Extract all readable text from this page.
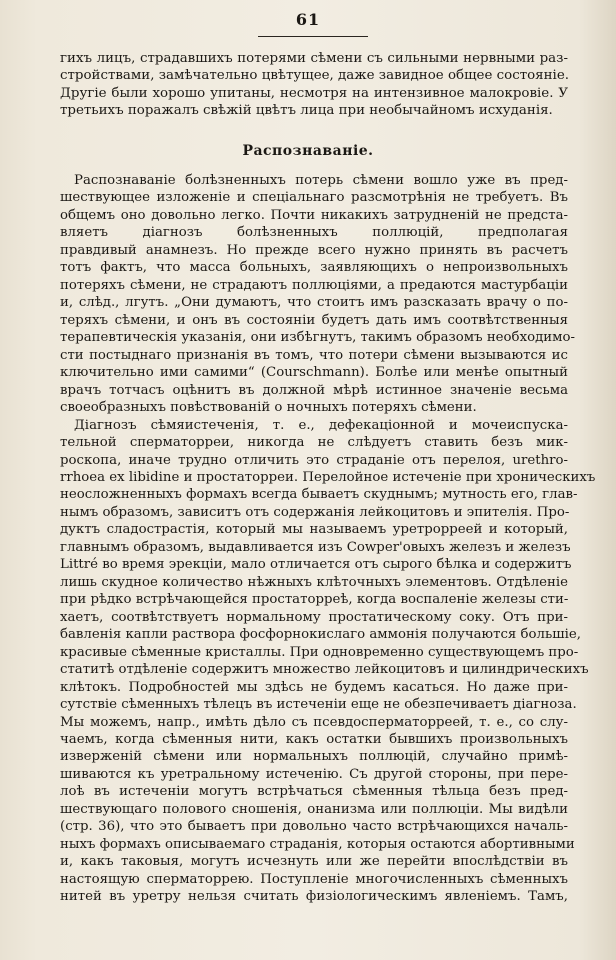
61
гихъ лицъ, страдавшихъ потерями сѣмени съ сильными нервными раз-
стройствами, замѣчательно цвѣтущее, даже завидное общее состояніе.
Другіе были хорошо упитаны, несмотря на интензивное малокровіе. У
третьихъ поражалъ свѣжій цвѣтъ лица при необычайномъ исхуданія.
Распознаваніе.
Распознаваніе болѣзненныхъ потерь сѣмени вошло уже въ пред-
шествующее изложеніе и спеціальнаго разсмотрѣнія не требуетъ. Въ
общемъ оно довольно легко. Почти никакихъ затрудненій не предста-
вляетъ діагнозъ болѣзненныхъ поллюцій, предполагая
правдивый анамнезъ. Но прежде всего нужно принять въ расчетъ
тотъ фактъ, что масса больныхъ, заявляющихъ о непроизвольныхъ
потеряхъ сѣмени, не страдаютъ поллюціями, а предаются мастурбаціи
и, слѣд., лгутъ. „Они думаютъ, что стоитъ имъ разсказать врачу о по-
теряхъ сѣмени, и онъ въ состояніи будетъ дать имъ соотвѣтственныя
терапевтическія указанія, они избѣгнутъ, такимъ образомъ необходимо-
сти постыднаго признанія въ томъ, что потери сѣмени вызываются ис
ключительно ими самими“ (Courschmann). Болѣе или менѣе опытный
врачъ тотчасъ оцѣнитъ въ должной мѣрѣ истинное значеніе весьма
своеобразныхъ повѣствованій о ночныхъ потеряхъ сѣмени.
Діагнозъ сѣмяистеченія, т. е., дефекаціонной и мочеиспуска-
тельной сперматорреи, никогда не слѣдуетъ ставить безъ мик-
роскопа, иначе трудно отличить это страданіе отъ перелоя, urethro-
rrhoea ex libidine и простаторреи. Перелойное истеченіе при хроническихъ
неосложненныхъ формахъ всегда бываетъ скуднымъ; мутность его, глав-
нымъ образомъ, зависитъ отъ содержанія лейкоцитовъ и эпителія. Про-
дуктъ сладострастія, который мы называемъ уретрорреей и который,
главнымъ образомъ, выдавливается изъ Cowper'овыхъ железъ и железъ
Littré во время эрекціи, мало отличается отъ сырого бѣлка и содержитъ
лишь скудное количество нѣжныхъ клѣточныхъ элементовъ. Отдѣленіе
при рѣдко встрѣчающейся простаторреѣ, когда воспаленіе железы сти-
хаетъ, соотвѣтствуетъ нормальному простатическому соку. Отъ при-
бавленія капли раствора фосфорнокислаго аммонія получаются большіе,
красивые сѣменные кристаллы. При одновременно существующемъ про-
статитѣ отдѣленіе содержитъ множество лейкоцитовъ и цилиндрическихъ
клѣтокъ. Подробностей мы здѣсь не будемъ касаться. Но даже при-
сутствіе сѣменныхъ тѣлецъ въ истеченіи еще не обезпечиваетъ діагноза.
Мы можемъ, напр., имѣть дѣло съ псевдосперматорреей, т. е., со слу-
чаемъ, когда сѣменныя нити, какъ остатки бывшихъ произвольныхъ
изверженій сѣмени или нормальныхъ поллюцій, случайно примѣ-
шиваются къ уретральному истеченію. Съ другой стороны, при пере-
лоѣ въ истеченіи могутъ встрѣчаться сѣменныя тѣльца безъ пред-
шествующаго полового сношенія, онанизма или поллюціи. Мы видѣли
(стр. 36), что это бываетъ при довольно часто встрѣчающихся началь-
ныхъ формахъ описываемаго страданія, которыя остаются абортивными
и, какъ таковыя, могутъ исчезнуть или же перейти впослѣдствіи въ
настоящую сперматоррею. Поступленіе многочисленныхъ сѣменныхъ
нитей въ уретру нельзя считать физіологическимъ явленіемъ. Тамъ,
